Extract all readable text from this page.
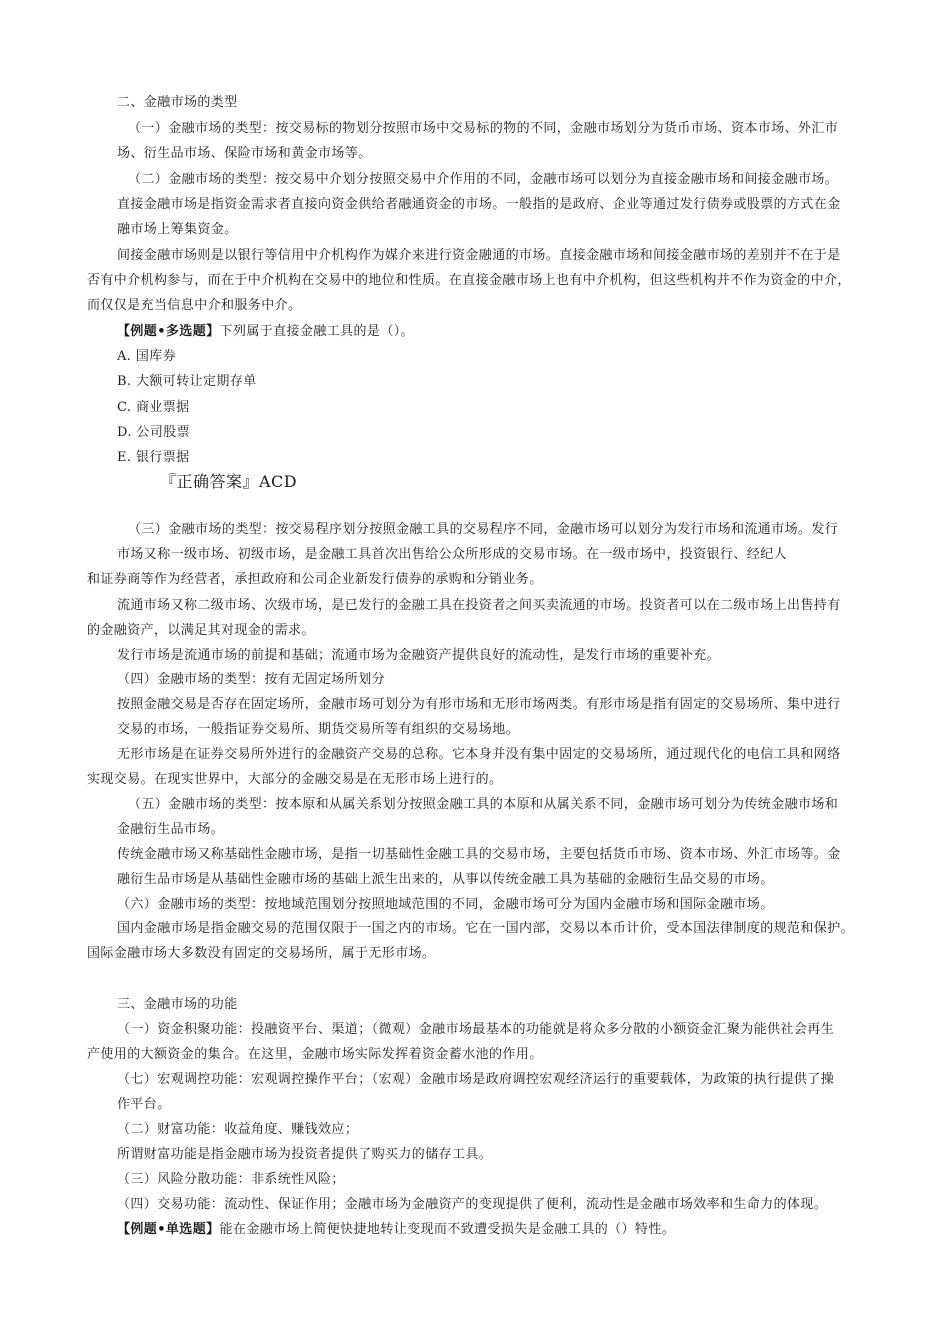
二、金融市场的类型
（一）金融市场的类型：按交易标的物划分按照市场中交易标的物的不同，金融市场划分为货币市场、资本市场、外汇市
场、衍生品市场、保险市场和黄金市场等。
（二）金融市场的类型：按交易中介划分按照交易中介作用的不同，金融市场可以划分为直接金融市场和间接金融市场。
直接金融市场是指资金需求者直接向资金供给者融通资金的市场。一般指的是政府、企业等通过发行债券或股票的方式在金
融市场上筹集资金。
间接金融市场则是以银行等信用中介机构作为媒介来进行资金融通的市场。直接金融市场和间接金融市场的差别并不在于是
否有中介机构参与，而在于中介机构在交易中的地位和性质。在直接金融市场上也有中介机构，但这些机构并不作为资金的中介，
而仅仅是充当信息中介和服务中介。
【例题•多选题】下列属于直接金融工具的是（）。
A. 国库券
B. 大额可转让定期存单
C. 商业票据
D. 公司股票
E. 银行票据
『正确答案』ACD
（三）金融市场的类型：按交易程序划分按照金融工具的交易程序不同，金融市场可以划分为发行市场和流通市场。发行
市场又称一级市场、初级市场，是金融工具首次出售给公众所形成的交易市场。在一级市场中，投资银行、经纪人
和证券商等作为经营者，承担政府和公司企业新发行债券的承购和分销业务。
流通市场又称二级市场、次级市场，是已发行的金融工具在投资者之间买卖流通的市场。投资者可以在二级市场上出售持有
的金融资产，以满足其对现金的需求。
发行市场是流通市场的前提和基础；流通市场为金融资产提供良好的流动性，是发行市场的重要补充。
（四）金融市场的类型：按有无固定场所划分
按照金融交易是否存在固定场所，金融市场可划分为有形市场和无形市场两类。有形市场是指有固定的交易场所、集中进行
交易的市场，一般指证券交易所、期货交易所等有组织的交易场地。
无形市场是在证券交易所外进行的金融资产交易的总称。它本身并没有集中固定的交易场所，通过现代化的电信工具和网络
实现交易。在现实世界中，大部分的金融交易是在无形市场上进行的。
（五）金融市场的类型：按本原和从属关系划分按照金融工具的本原和从属关系不同，金融市场可划分为传统金融市场和
金融衍生品市场。
传统金融市场又称基础性金融市场，是指一切基础性金融工具的交易市场，主要包括货币市场、资本市场、外汇市场等。金
融衍生品市场是从基础性金融市场的基础上派生出来的，从事以传统金融工具为基础的金融衍生品交易的市场。
（六）金融市场的类型：按地域范围划分按照地域范围的不同，金融市场可分为国内金融市场和国际金融市场。
国内金融市场是指金融交易的范围仅限于一国之内的市场。它在一国内部，交易以本币计价，受本国法律制度的规范和保护。
国际金融市场大多数没有固定的交易场所，属于无形市场。
三、金融市场的功能
（一）资金积聚功能：投融资平台、渠道；（微观）金融市场最基本的功能就是将众多分散的小额资金汇聚为能供社会再生
产使用的大额资金的集合。在这里，金融市场实际发挥着资金蓄水池的作用。
（七）宏观调控功能：宏观调控操作平台；（宏观）金融市场是政府调控宏观经济运行的重要载体，为政策的执行提供了操
作平台。
（二）财富功能：收益角度、赚钱效应；
所谓财富功能是指金融市场为投资者提供了购买力的储存工具。
（三）风险分散功能：非系统性风险；
（四）交易功能：流动性、保证作用；金融市场为金融资产的变现提供了便利，流动性是金融市场效率和生命力的体现。
【例题•单选题】能在金融市场上简便快捷地转让变现而不致遭受损失是金融工具的（）特性。
